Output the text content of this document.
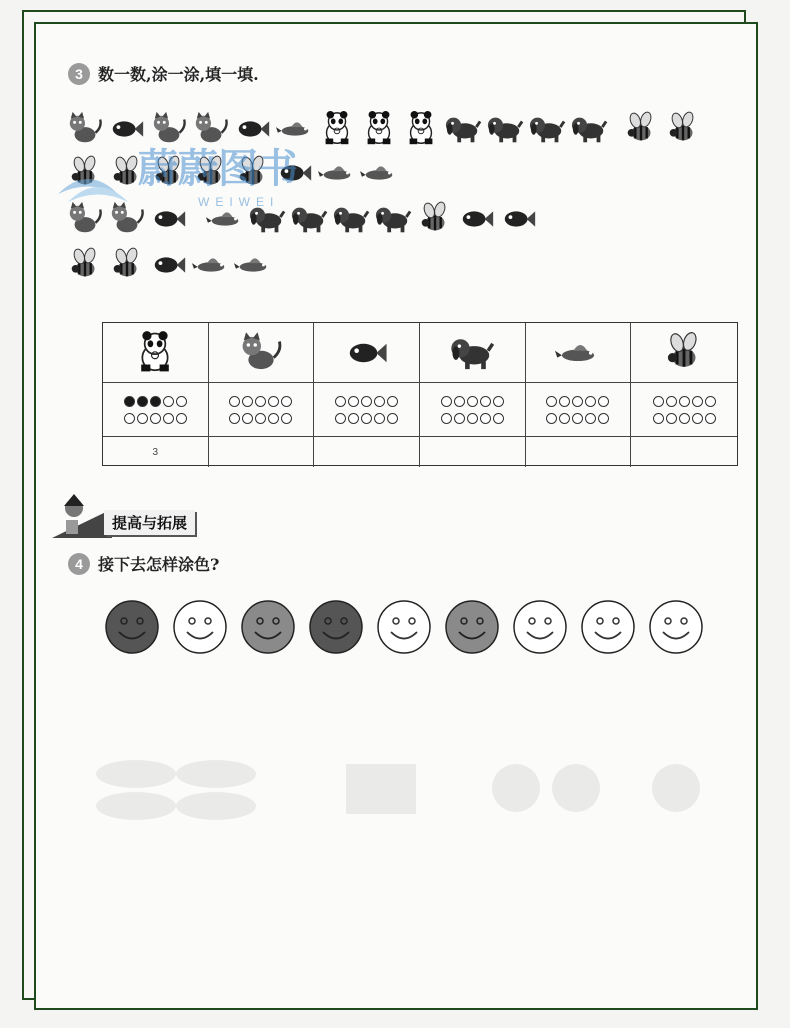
3 数一数,涂一涂,填一填.
蔚蔚图书
WEIWEI
3
提高与拓展
4 接下去怎样涂色?
